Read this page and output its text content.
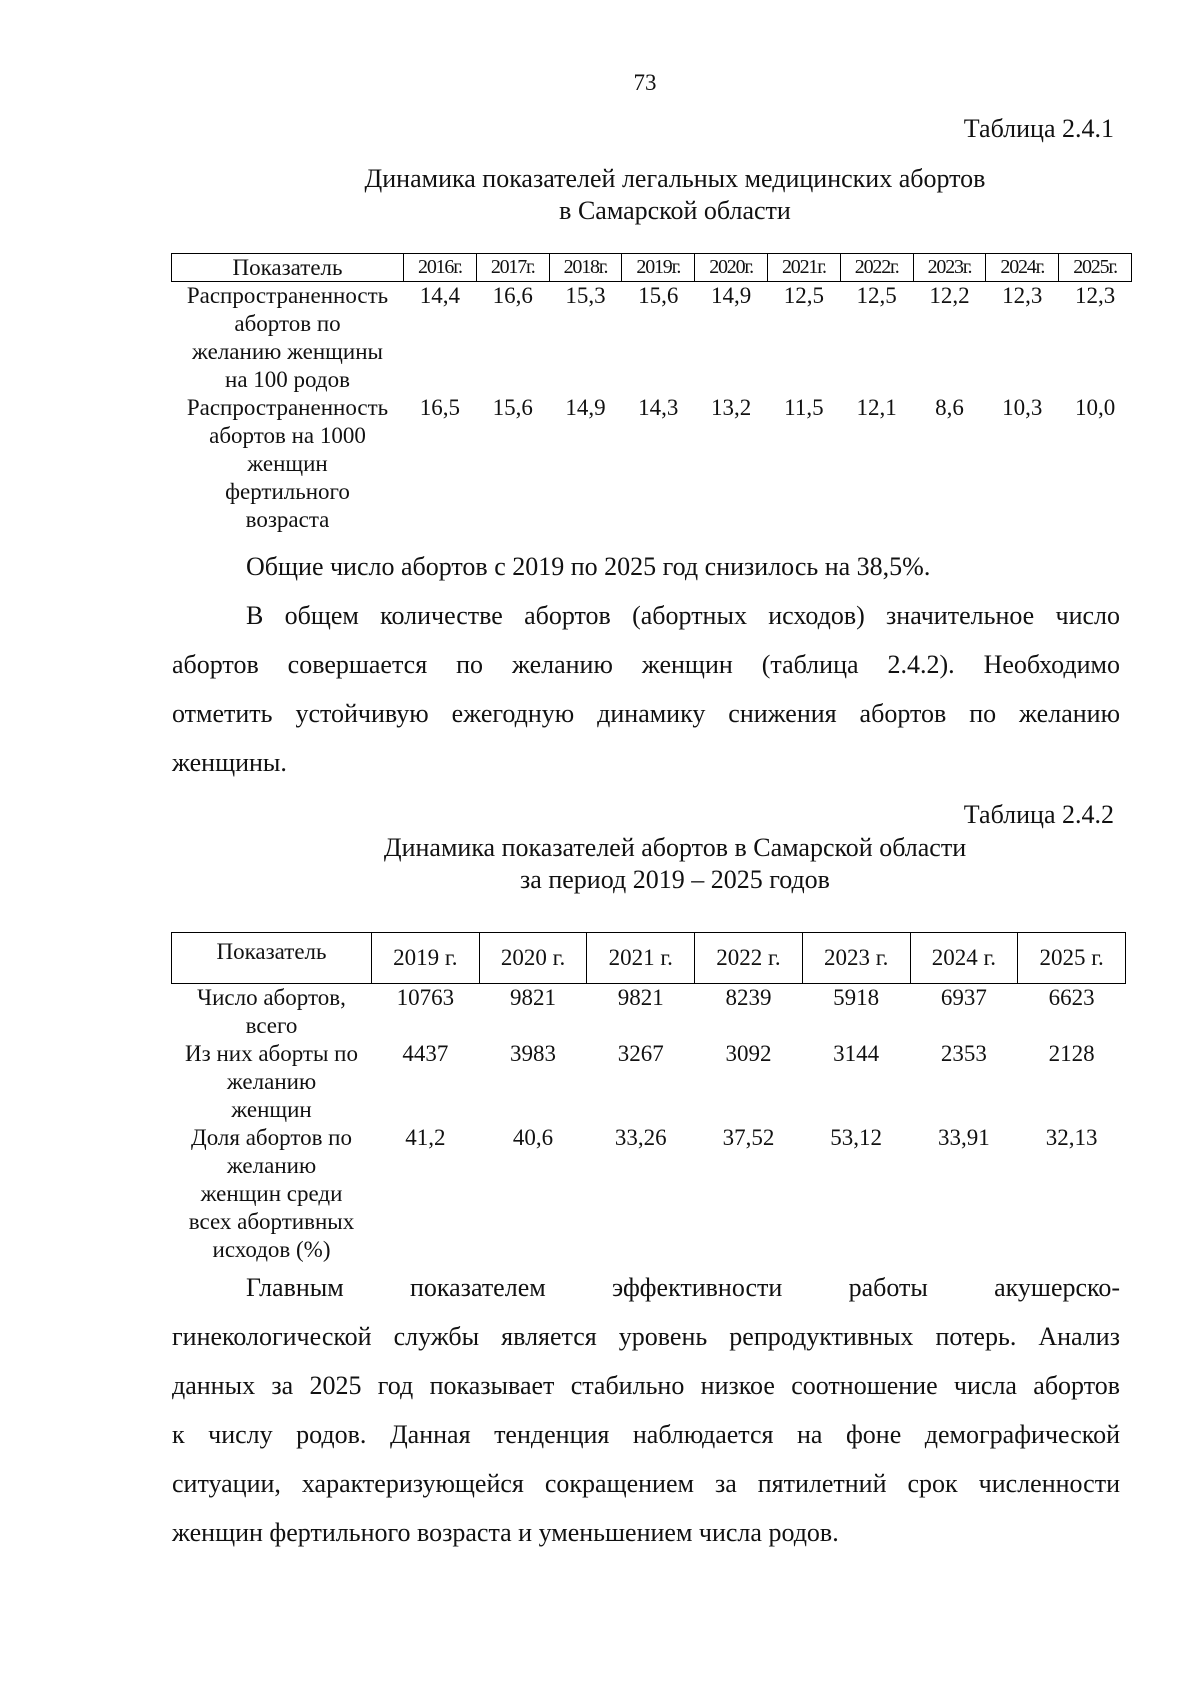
73
Таблица 2.4.1
Динамика показателей легальных медицинских абортов
в Самарской области
Показатель	2016г.	2017г.	2018г.	2019г.	2020г.	2021г.	2022г.	2023г.	2024г.	2025г.

Распространенность
абортов по
желанию женщины
на 100 родов	14,4	16,6	15,3	15,6	14,9	12,5	12,5	12,2	12,3	12,3

Распространенность
абортов на 1000
женщин
фертильного
возраста	16,5	15,6	14,9	14,3	13,2	11,5	12,1	8,6	10,3	10,0
Общие число абортов с 2019 по 2025 год снизилось на 38,5%.
В общем количестве абортов (абортных исходов) значительное число
абортов совершается по желанию женщин (таблица 2.4.2). Необходимо
отметить устойчивую ежегодную динамику снижения абортов по желанию
женщины.
Таблица 2.4.2
Динамика показателей абортов в Самарской области
за период 2019 – 2025 годов
Показатель	2019 г.	2020 г.	2021 г.	2022 г.	2023 г.	2024 г.	2025 г.

Число абортов,
всего	10763	9821	9821	8239	5918	6937	6623

Из них аборты по
желанию
женщин	4437	3983	3267	3092	3144	2353	2128

Доля абортов по
желанию
женщин среди
всех абортивных
исходов (%)	41,2	40,6	33,26	37,52	53,12	33,91	32,13
Главным показателем эффективности работы акушерско-
гинекологической службы является уровень репродуктивных потерь. Анализ
данных за 2025 год показывает стабильно низкое соотношение числа абортов
к числу родов. Данная тенденция наблюдается на фоне демографической
ситуации, характеризующейся сокращением за пятилетний срок численности
женщин фертильного возраста и уменьшением числа родов.
